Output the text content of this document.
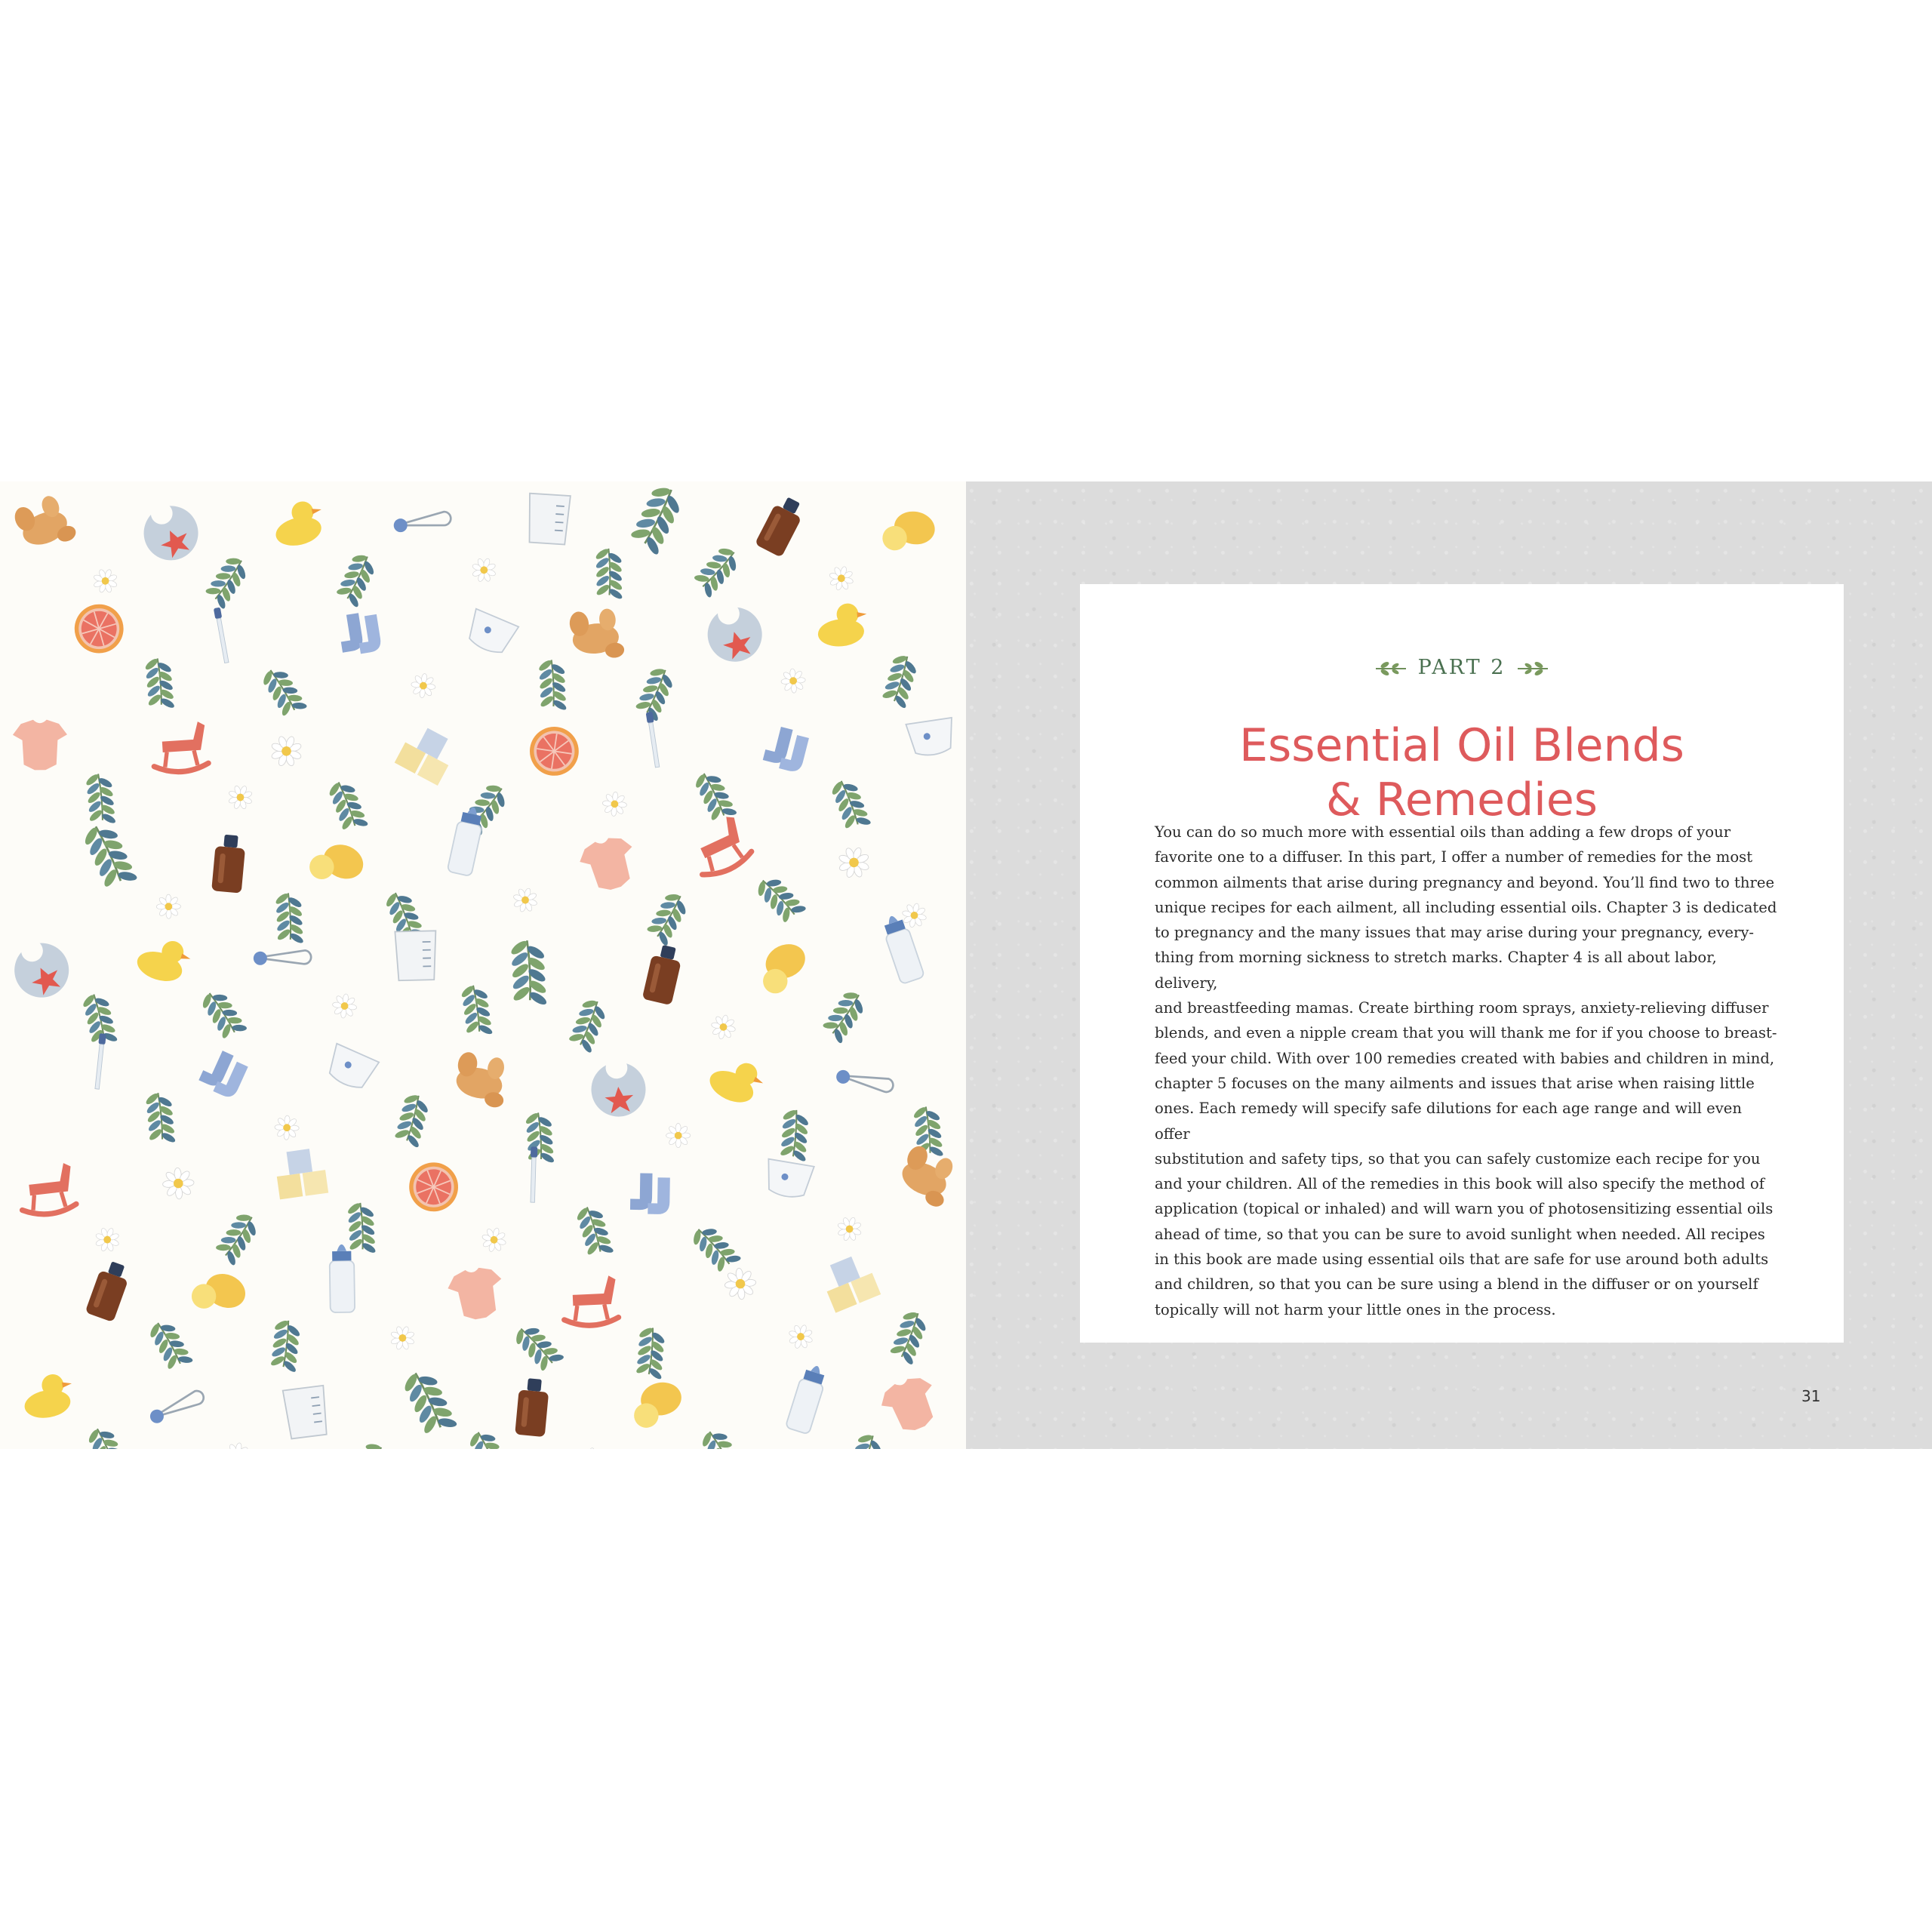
PART 2
Essential Oil Blends
& Remedies

You can do so much more with essential oils than adding a few drops of your
favorite one to a diffuser. In this part, I offer a number of remedies for the most
common ailments that arise during pregnancy and beyond. You’ll find two to three
unique recipes for each ailment, all including essential oils. Chapter 3 is dedicated
to pregnancy and the many issues that may arise during your pregnancy, every-
thing from morning sickness to stretch marks. Chapter 4 is all about labor, delivery,
and breastfeeding mamas. Create birthing room sprays, anxiety-relieving diffuser
blends, and even a nipple cream that you will thank me for if you choose to breast-
feed your child. With over 100 remedies created with babies and children in mind,
chapter 5 focuses on the many ailments and issues that arise when raising little
ones. Each remedy will specify safe dilutions for each age range and will even offer
substitution and safety tips, so that you can safely customize each recipe for you
and your children. All of the remedies in this book will also specify the method of
application (topical or inhaled) and will warn you of photosensitizing essential oils
ahead of time, so that you can be sure to avoid sunlight when needed. All recipes
in this book are made using essential oils that are safe for use around both adults
and children, so that you can be sure using a blend in the diffuser or on yourself
topically will not harm your little ones in the process.

31
